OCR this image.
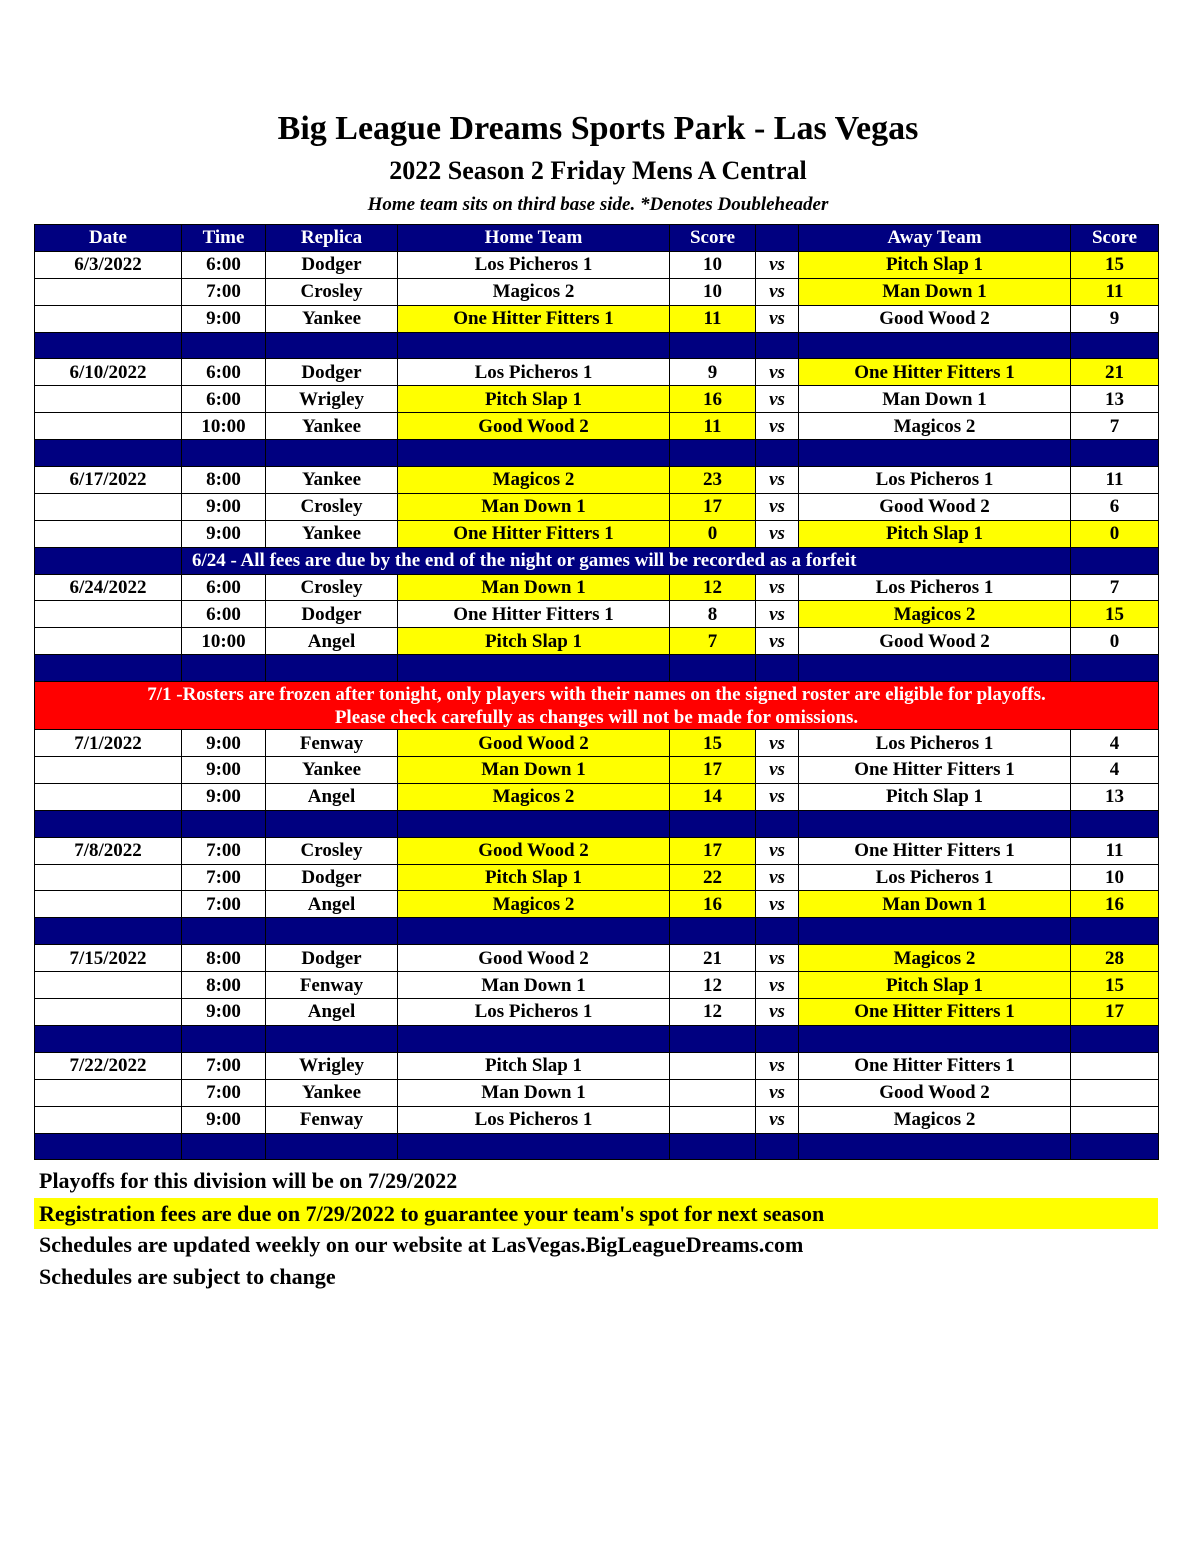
Big League Dreams Sports Park - Las Vegas
2022 Season 2 Friday Mens A Central
Home team sits on third base side. *Denotes Doubleheader
Date	Time	Replica	Home Team	Score		Away Team	Score
6/3/2022	6:00	Dodger	Los Picheros 1	10	vs	Pitch Slap 1	15
	7:00	Crosley	Magicos 2	10	vs	Man Down 1	11
	9:00	Yankee	One Hitter Fitters 1	11	vs	Good Wood 2	9

6/10/2022	6:00	Dodger	Los Picheros 1	9	vs	One Hitter Fitters 1	21
	6:00	Wrigley	Pitch Slap 1	16	vs	Man Down 1	13
	10:00	Yankee	Good Wood 2	11	vs	Magicos 2	7

6/17/2022	8:00	Yankee	Magicos 2	23	vs	Los Picheros 1	11
	9:00	Crosley	Man Down 1	17	vs	Good Wood 2	6
	9:00	Yankee	One Hitter Fitters 1	0	vs	Pitch Slap 1	0
	6/24 - All fees are due by the end of the night or games will be recorded as a forfeit						
6/24/2022	6:00	Crosley	Man Down 1	12	vs	Los Picheros 1	7
	6:00	Dodger	One Hitter Fitters 1	8	vs	Magicos 2	15
	10:00	Angel	Pitch Slap 1	7	vs	Good Wood 2	0

7/1 -Rosters are frozen after tonight, only players with their names on the signed roster are eligible for playoffs.
Please check carefully as changes will not be made for omissions.							

7/1/2022	9:00	Fenway	Good Wood 2	15	vs	Los Picheros 1	4
	9:00	Yankee	Man Down 1	17	vs	One Hitter Fitters 1	4
	9:00	Angel	Magicos 2	14	vs	Pitch Slap 1	13

7/8/2022	7:00	Crosley	Good Wood 2	17	vs	One Hitter Fitters 1	11
	7:00	Dodger	Pitch Slap 1	22	vs	Los Picheros 1	10
	7:00	Angel	Magicos 2	16	vs	Man Down 1	16

7/15/2022	8:00	Dodger	Good Wood 2	21	vs	Magicos 2	28
	8:00	Fenway	Man Down 1	12	vs	Pitch Slap 1	15
	9:00	Angel	Los Picheros 1	12	vs	One Hitter Fitters 1	17

7/22/2022	7:00	Wrigley	Pitch Slap 1		vs	One Hitter Fitters 1	
	7:00	Yankee	Man Down 1		vs	Good Wood 2	
	9:00	Fenway	Los Picheros 1		vs	Magicos 2	

Playoffs for this division will be on 7/29/2022
Registration fees are due on 7/29/2022 to guarantee your team's spot for next season
Schedules are updated weekly on our website at LasVegas.BigLeagueDreams.com
Schedules are subject to change
